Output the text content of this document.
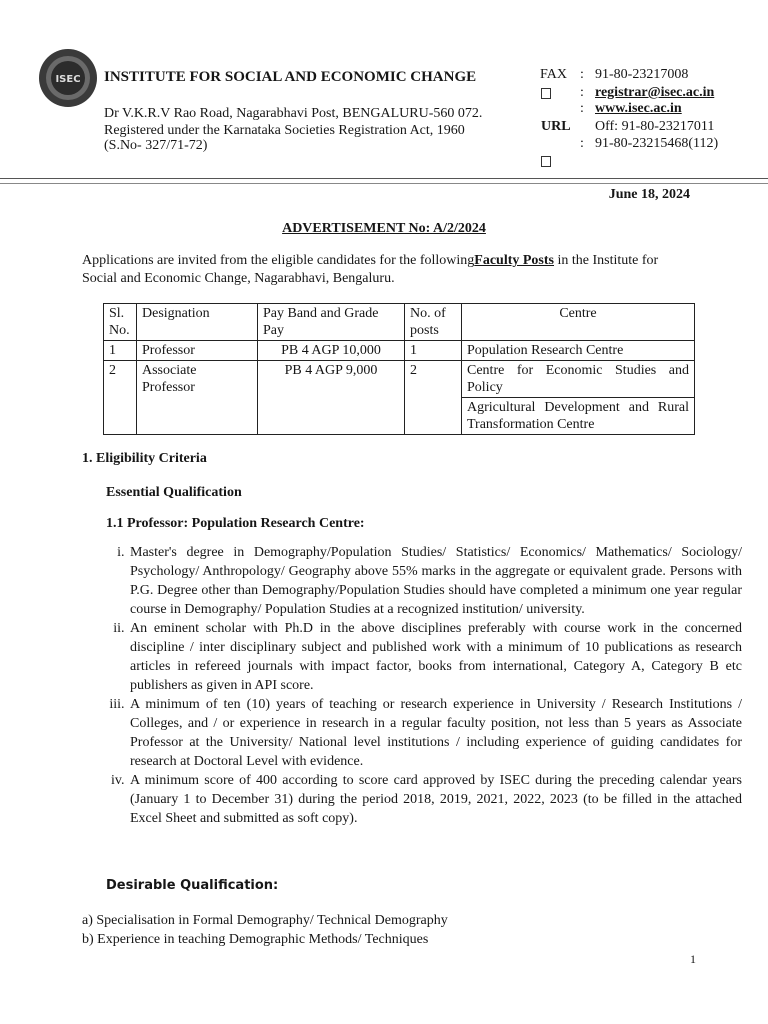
ISEC INSTITUTE FOR SOCIAL AND ECONOMIC CHANGE
Dr V.K.R.V Rao Road, Nagarabhavi Post, BENGALURU-560 072.
Registered under the Karnataka Societies Registration Act, 1960
(S.No- 327/71-72)
FAX : 91-80-23217008
: registrar@isec.ac.in
: www.isec.ac.in
URL Off: 91-80-23217011
: 91-80-23215468(112)
June 18, 2024
ADVERTISEMENT No: A/2/2024
Applications are invited from the eligible candidates for the followingFaculty Posts in the Institute for Social and Economic Change, Nagarabhavi, Bengaluru.
Sl. No.	Designation	Pay Band and Grade Pay	No. of posts	Centre
1	Professor	PB 4 AGP 10,000	1	Population Research Centre
2	Associate Professor	PB 4 AGP 9,000	2	Centre for Economic Studies and Policy
				Agricultural Development and Rural Transformation Centre
1. Eligibility Criteria
Essential Qualification
1.1 Professor: Population Research Centre:
i. Master's degree in Demography/Population Studies/ Statistics/ Economics/ Mathematics/ Sociology/ Psychology/ Anthropology/ Geography above 55% marks in the aggregate or equivalent grade. Persons with P.G. Degree other than Demography/Population Studies should have completed a minimum one year regular course in Demography/ Population Studies at a recognized institution/ university.
ii. An eminent scholar with Ph.D in the above disciplines preferably with course work in the concerned discipline / inter disciplinary subject and published work with a minimum of 10 publications as research articles in refereed journals with impact factor, books from international, Category A, Category B etc publishers as given in API score.
iii. A minimum of ten (10) years of teaching or research experience in University / Research Institutions / Colleges, and / or experience in research in a regular faculty position, not less than 5 years as Associate Professor at the University/ National level institutions / including experience of guiding candidates for research at Doctoral Level with evidence.
iv. A minimum score of 400 according to score card approved by ISEC during the preceding calendar years (January 1 to December 31) during the period 2018, 2019, 2021, 2022, 2023 (to be filled in the attached Excel Sheet and submitted as soft copy).
Desirable Qualification:
a) Specialisation in Formal Demography/ Technical Demography
b) Experience in teaching Demographic Methods/ Techniques
1
